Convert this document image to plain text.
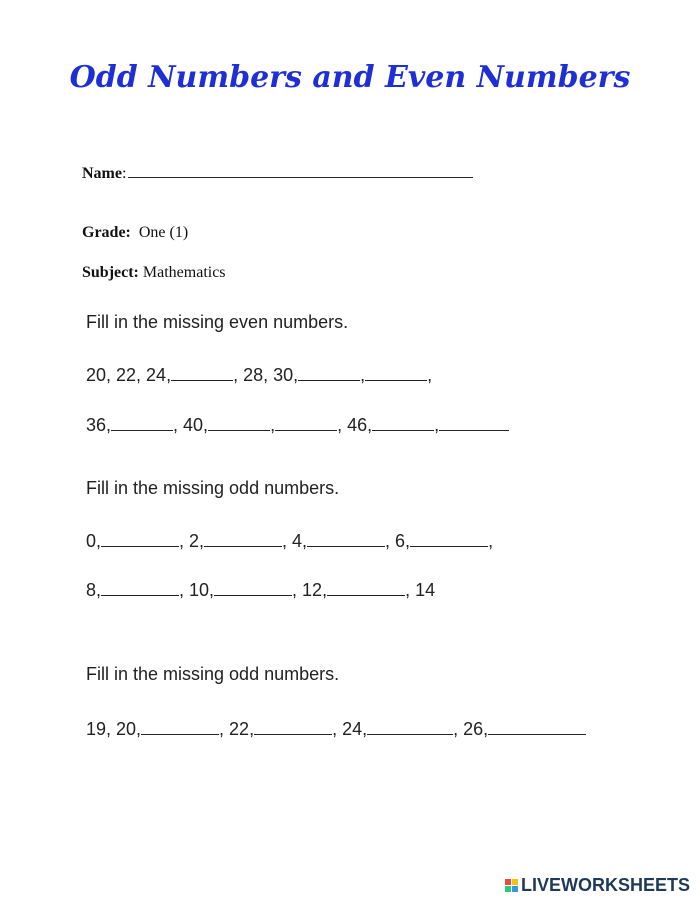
Odd Numbers and Even Numbers
Name:
Grade: One (1)
Subject: Mathematics
Fill in the missing even numbers.
20, 22, 24,	, 28, 30,	,	,
36,	, 40,	,	, 46,	,
Fill in the missing odd numbers.
0,	, 2,	, 4,	, 6,	,
8,	, 10,	, 12,	, 14
Fill in the missing odd numbers.
19, 20,	, 22,	, 24,	, 26,
LIVEWORKSHEETS
